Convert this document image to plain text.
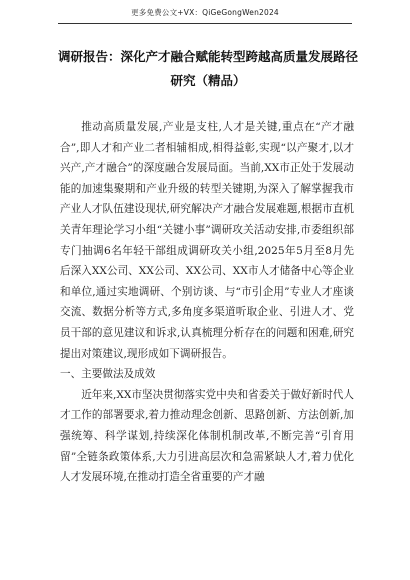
更多免费公文+VX：QiGeGongWen2024
调研报告：深化产才融合赋能转型跨越高质量发展路径研究（精品）

推动高质量发展,产业是支柱,人才是关键,重点在“产才融合”,即人才和产业二者相辅相成,相得益彰,实现“以产聚才,以才兴产,产才融合”的深度融合发展局面。当前,XX市正处于发展动能的加速集聚期和产业升级的转型关键期,为深入了解掌握我市产业人才队伍建设现状,研究解决产才融合发展难题,根据市直机关青年理论学习小组“关键小事”调研攻关活动安排,市委组织部专门抽调6名年轻干部组成调研攻关小组,2025年5月至8月先后深入XX公司、XX公司、XX公司、XX市人才储备中心等企业和单位,通过实地调研、个别访谈、与“市引企用”专业人才座谈交流、数据分析等方式,多角度多渠道听取企业、引进人才、党员干部的意见建议和诉求,认真梳理分析存在的问题和困难,研究提出对策建议,现形成如下调研报告。

一、主要做法及成效

近年来,XX市坚决贯彻落实党中央和省委关于做好新时代人才工作的部署要求,着力推动理念创新、思路创新、方法创新,加强统筹、科学谋划,持续深化体制机制改革,不断完善“引育用留”全链条政策体系,大力引进高层次和急需紧缺人才,着力优化人才发展环境,在推动打造全省重要的产才融
